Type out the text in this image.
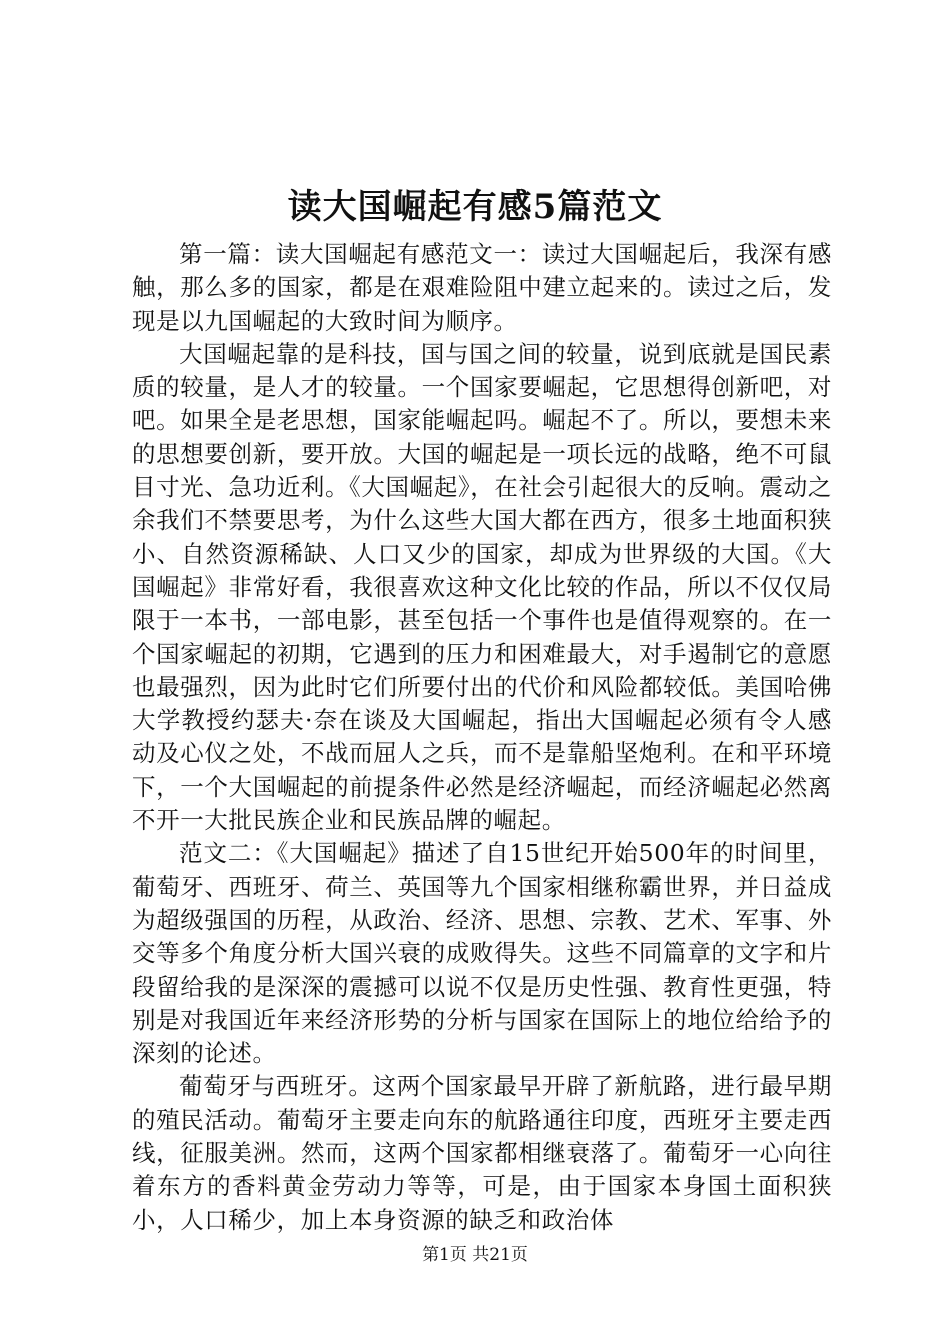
读大国崛起有感5篇范文

第一篇：读大国崛起有感范文一：读过大国崛起后，我深有感触，那么多的国家，都是在艰难险阻中建立起来的。读过之后，发现是以九国崛起的大致时间为顺序。

大国崛起靠的是科技，国与国之间的较量，说到底就是国民素质的较量，是人才的较量。一个国家要崛起，它思想得创新吧，对吧。如果全是老思想，国家能崛起吗。崛起不了。所以，要想未来的思想要创新，要开放。大国的崛起是一项长远的战略，绝不可鼠目寸光、急功近利。《大国崛起》，在社会引起很大的反响。震动之余我们不禁要思考，为什么这些大国大都在西方，很多土地面积狭小、自然资源稀缺、人口又少的国家，却成为世界级的大国。《大国崛起》非常好看，我很喜欢这种文化比较的作品，所以不仅仅局限于一本书，一部电影，甚至包括一个事件也是值得观察的。在一个国家崛起的初期，它遇到的压力和困难最大，对手遏制它的意愿也最强烈，因为此时它们所要付出的代价和风险都较低。美国哈佛大学教授约瑟夫·奈在谈及大国崛起，指出大国崛起必须有令人感动及心仪之处，不战而屈人之兵，而不是靠船坚炮利。在和平环境下，一个大国崛起的前提条件必然是经济崛起，而经济崛起必然离不开一大批民族企业和民族品牌的崛起。

范文二：《大国崛起》描述了自15世纪开始500年的时间里，葡萄牙、西班牙、荷兰、英国等九个国家相继称霸世界，并日益成为超级强国的历程，从政治、经济、思想、宗教、艺术、军事、外交等多个角度分析大国兴衰的成败得失。这些不同篇章的文字和片段留给我的是深深的震撼可以说不仅是历史性强、教育性更强，特别是对我国近年来经济形势的分析与国家在国际上的地位给给予的深刻的论述。

葡萄牙与西班牙。这两个国家最早开辟了新航路，进行最早期的殖民活动。葡萄牙主要走向东的航路通往印度，西班牙主要走西线，征服美洲。然而，这两个国家都相继衰落了。葡萄牙一心向往着东方的香料黄金劳动力等等，可是，由于国家本身国土面积狭小，人口稀少，加上本身资源的缺乏和政治体

第1页 共21页
